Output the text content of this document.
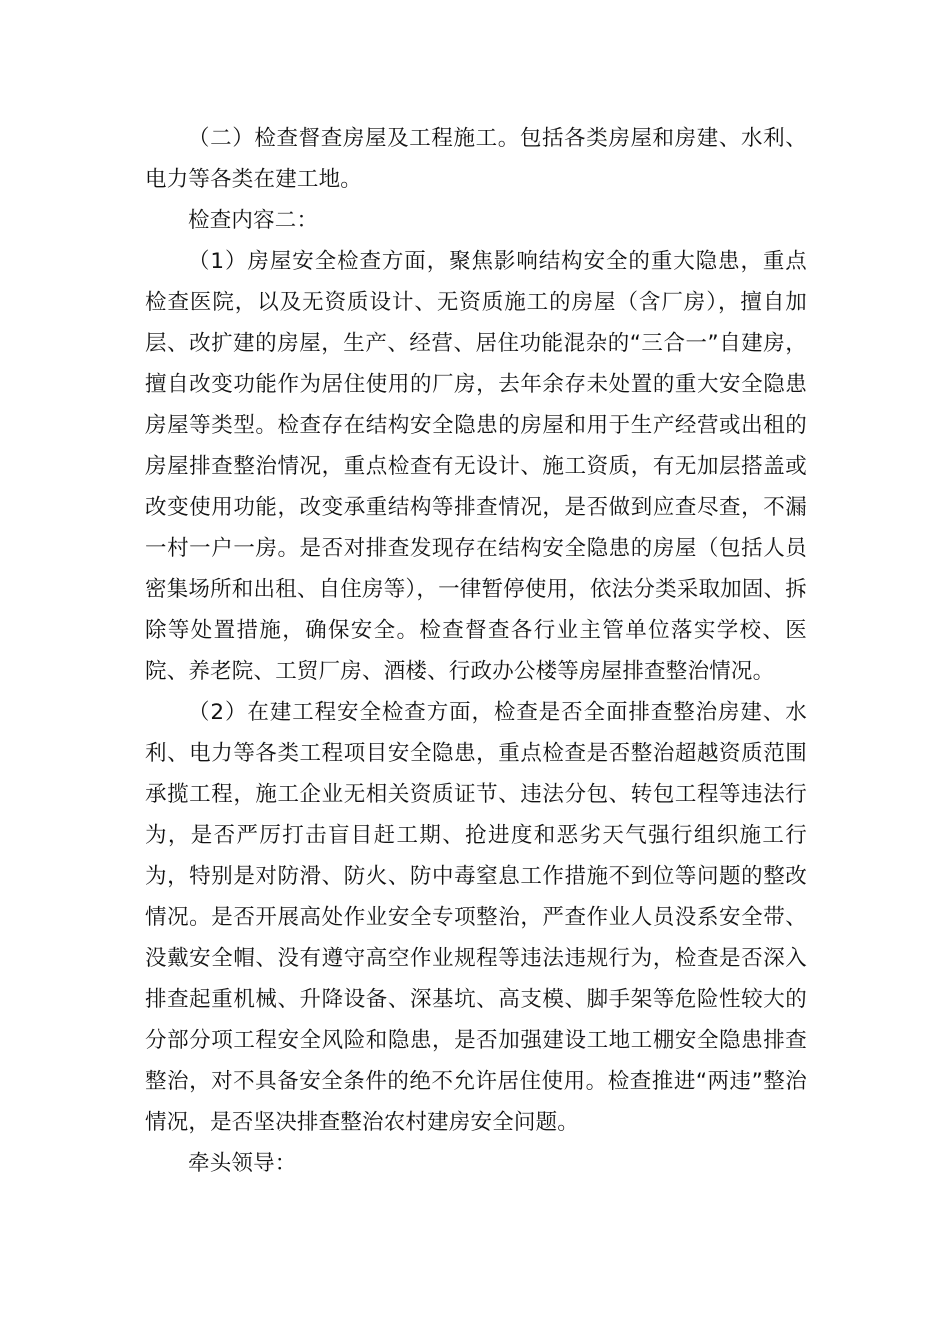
（二）检查督查房屋及工程施工。包括各类房屋和房建、水利、电力等各类在建工地。

检查内容二：

（1）房屋安全检查方面，聚焦影响结构安全的重大隐患，重点检查医院，以及无资质设计、无资质施工的房屋（含厂房），擅自加层、改扩建的房屋，生产、经营、居住功能混杂的“三合一”自建房，擅自改变功能作为居住使用的厂房，去年余存未处置的重大安全隐患房屋等类型。检查存在结构安全隐患的房屋和用于生产经营或出租的房屋排查整治情况，重点检查有无设计、施工资质，有无加层搭盖或改变使用功能，改变承重结构等排查情况，是否做到应查尽查，不漏一村一户一房。是否对排查发现存在结构安全隐患的房屋（包括人员密集场所和出租、自住房等），一律暂停使用，依法分类采取加固、拆除等处置措施，确保安全。检查督查各行业主管单位落实学校、医院、养老院、工贸厂房、酒楼、行政办公楼等房屋排查整治情况。

（2）在建工程安全检查方面，检查是否全面排查整治房建、水利、电力等各类工程项目安全隐患，重点检查是否整治超越资质范围承揽工程，施工企业无相关资质证节、违法分包、转包工程等违法行为，是否严厉打击盲目赶工期、抢进度和恶劣天气强行组织施工行为，特别是对防滑、防火、防中毒窒息工作措施不到位等问题的整改情况。是否开展高处作业安全专项整治，严查作业人员没系安全带、没戴安全帽、没有遵守高空作业规程等违法违规行为，检查是否深入排查起重机械、升降设备、深基坑、高支模、脚手架等危险性较大的分部分项工程安全风险和隐患，是否加强建设工地工棚安全隐患排查整治，对不具备安全条件的绝不允许居住使用。检查推进“两违”整治情况，是否坚决排查整治农村建房安全问题。

牵头领导：
